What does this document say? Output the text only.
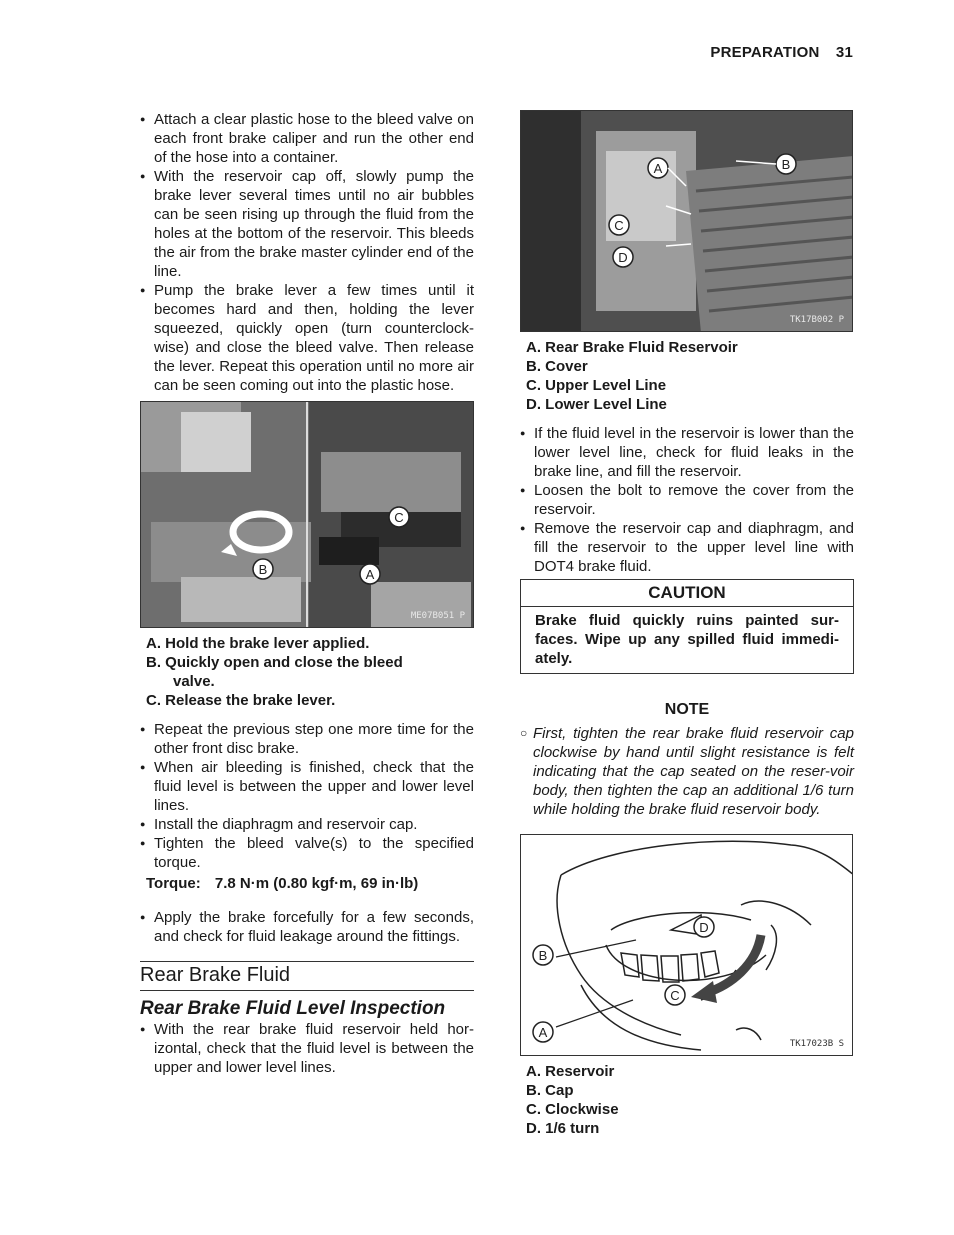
PREPARATION 31
● Attach a clear plastic hose to the bleed valve on each front brake caliper and run the other end of the hose into a container.
● With the reservoir cap off, slowly pump the brake lever several times until no air bubbles can be seen rising up through the fluid from the holes at the bottom of the reservoir. This bleeds the air from the brake master cylinder end of the line.
● Pump the brake lever a few times until it becomes hard and then, holding the lever squeezed, quickly open (turn counterclock-wise) and close the bleed valve. Then release the lever. Repeat this operation until no more air can be seen coming out into the plastic hose.
B
C
A
ME07B051 P
A. Hold the brake lever applied.
B. Quickly open and close the bleed
valve.
C. Release the brake lever.
● Repeat the previous step one more time for the other front disc brake.
● When air bleeding is finished, check that the fluid level is between the upper and lower level lines.
● Install the diaphragm and reservoir cap.
● Tighten the bleed valve(s) to the specified torque.

Torque: 7.8 N·m (0.80 kgf·m, 69 in·lb)

● Apply the brake forcefully for a few seconds, and check for fluid leakage around the fittings.
Rear Brake Fluid
Rear Brake Fluid Level Inspection
● With the rear brake fluid reservoir held hor-izontal, check that the fluid level is between the upper and lower level lines.
A	B
C
D
TK17B002 P
A. Rear Brake Fluid Reservoir
B. Cover
C. Upper Level Line
D. Lower Level Line
● If the fluid level in the reservoir is lower than the lower level line, check for fluid leaks in the brake line, and fill the reservoir.
● Loosen the bolt to remove the cover from the reservoir.
● Remove the reservoir cap and diaphragm, and fill the reservoir to the upper level line with DOT4 brake fluid.
CAUTION
Brake fluid quickly ruins painted sur-faces. Wipe up any spilled fluid immedi-ately.
NOTE
○ First, tighten the rear brake fluid reservoir cap clockwise by hand until slight resistance is felt indicating that the cap seated on the reser-voir body, then tighten the cap an additional 1/6 turn while holding the brake fluid reservoir body.
B
A
C
D
TK17023B S
A. Reservoir
B. Cap
C. Clockwise
D. 1/6 turn
